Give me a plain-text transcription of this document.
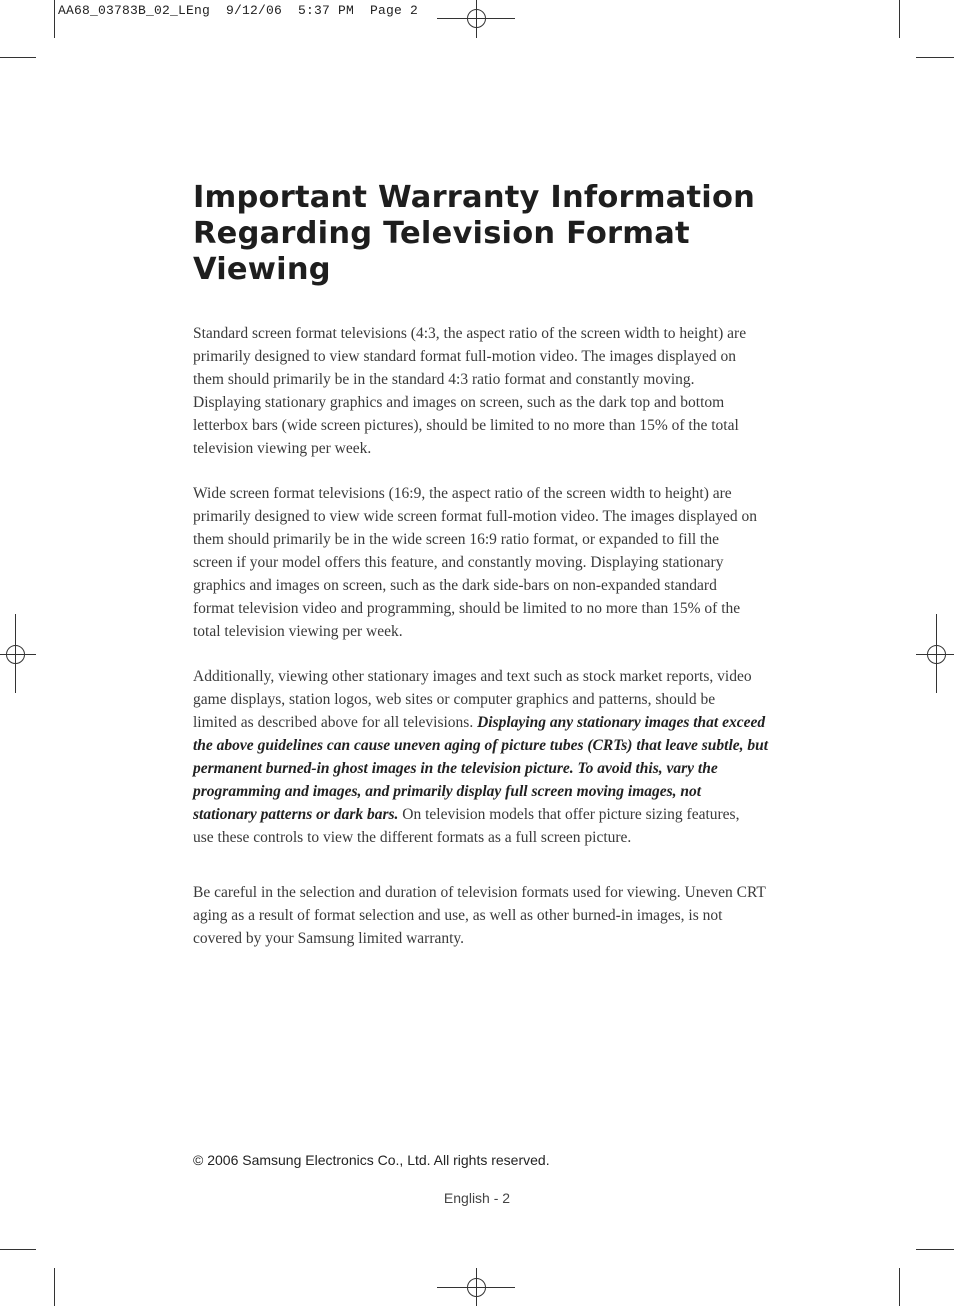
AA68_03783B_02_LEng  9/12/06  5:37 PM  Page 2
Important Warranty Information
Regarding Television Format
Viewing

Standard screen format televisions (4:3, the aspect ratio of the screen width to height) are
primarily designed to view standard format full-motion video. The images displayed on
them should primarily be in the standard 4:3 ratio format and constantly moving.
Displaying stationary graphics and images on screen, such as the dark top and bottom
letterbox bars (wide screen pictures), should be limited to no more than 15% of the total
television viewing per week.

Wide screen format televisions (16:9, the aspect ratio of the screen width to height) are
primarily designed to view wide screen format full-motion video. The images displayed on
them should primarily be in the wide screen 16:9 ratio format, or expanded to fill the
screen if your model offers this feature, and constantly moving. Displaying stationary
graphics and images on screen, such as the dark side-bars on non-expanded standard
format television video and programming, should be limited to no more than 15% of the
total television viewing per week.

Additionally, viewing other stationary images and text such as stock market reports, video
game displays, station logos, web sites or computer graphics and patterns, should be
limited as described above for all televisions. Displaying any stationary images that exceed
the above guidelines can cause uneven aging of picture tubes (CRTs) that leave subtle, but
permanent burned-in ghost images in the television picture. To avoid this, vary the
programming and images, and primarily display full screen moving images, not
stationary patterns or dark bars. On television models that offer picture sizing features,
use these controls to view the different formats as a full screen picture.

Be careful in the selection and duration of television formats used for viewing. Uneven CRT
aging as a result of format selection and use, as well as other burned-in images, is not
covered by your Samsung limited warranty.

© 2006 Samsung Electronics Co., Ltd. All rights reserved.
English - 2
